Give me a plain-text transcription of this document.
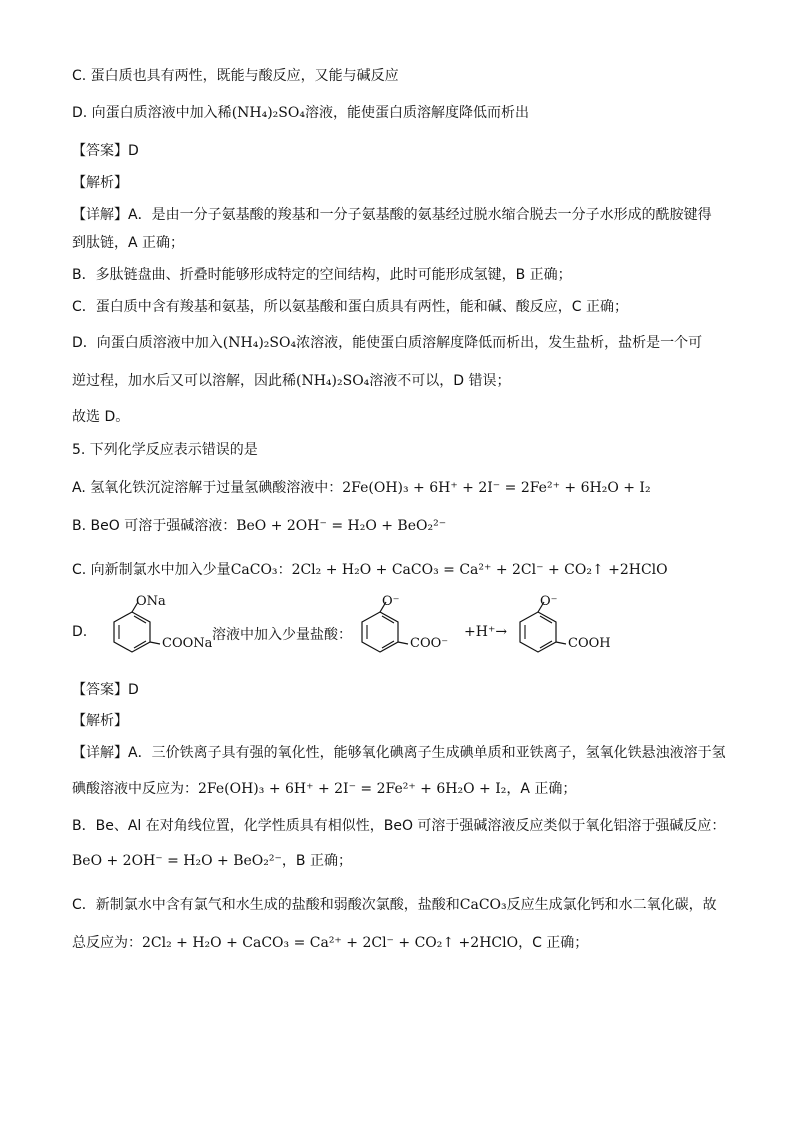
C. 蛋白质也具有两性，既能与酸反应，又能与碱反应
D. 向蛋白质溶液中加入稀(NH₄)₂SO₄溶液，能使蛋白质溶解度降低而析出
【答案】D
【解析】
【详解】A．是由一分子氨基酸的羧基和一分子氨基酸的氨基经过脱水缩合脱去一分子水形成的酰胺键得
到肽链，A 正确；
B．多肽链盘曲、折叠时能够形成特定的空间结构，此时可能形成氢键，B 正确；
C．蛋白质中含有羧基和氨基，所以氨基酸和蛋白质具有两性，能和碱、酸反应，C 正确；
D．向蛋白质溶液中加入(NH₄)₂SO₄浓溶液，能使蛋白质溶解度降低而析出，发生盐析，盐析是一个可
逆过程，加水后又可以溶解，因此稀(NH₄)₂SO₄溶液不可以，D 错误；
故选 D。
5. 下列化学反应表示错误的是
A. 氢氧化铁沉淀溶解于过量氢碘酸溶液中：2Fe(OH)₃ + 6H⁺ + 2I⁻ = 2Fe²⁺ + 6H₂O + I₂
B. BeO 可溶于强碱溶液：BeO + 2OH⁻ = H₂O + BeO₂²⁻
C. 向新制氯水中加入少量CaCO₃：2Cl₂ + H₂O + CaCO₃ = Ca²⁺ + 2Cl⁻ + CO₂↑ +2HClO
D.
ONa
COONa
溶液中加入少量盐酸：
O⁻
COO⁻
+H⁺→
O⁻
COOH
【答案】D
【解析】
【详解】A．三价铁离子具有强的氧化性，能够氧化碘离子生成碘单质和亚铁离子，氢氧化铁悬浊液溶于氢
碘酸溶液中反应为：2Fe(OH)₃ + 6H⁺ + 2I⁻ = 2Fe²⁺ + 6H₂O + I₂，A 正确；
B．Be、Al 在对角线位置，化学性质具有相似性，BeO 可溶于强碱溶液反应类似于氧化铝溶于强碱反应：
BeO + 2OH⁻ = H₂O + BeO₂²⁻，B 正确；
C．新制氯水中含有氯气和水生成的盐酸和弱酸次氯酸，盐酸和CaCO₃反应生成氯化钙和水二氧化碳，故
总反应为：2Cl₂ + H₂O + CaCO₃ = Ca²⁺ + 2Cl⁻ + CO₂↑ +2HClO，C 正确；
